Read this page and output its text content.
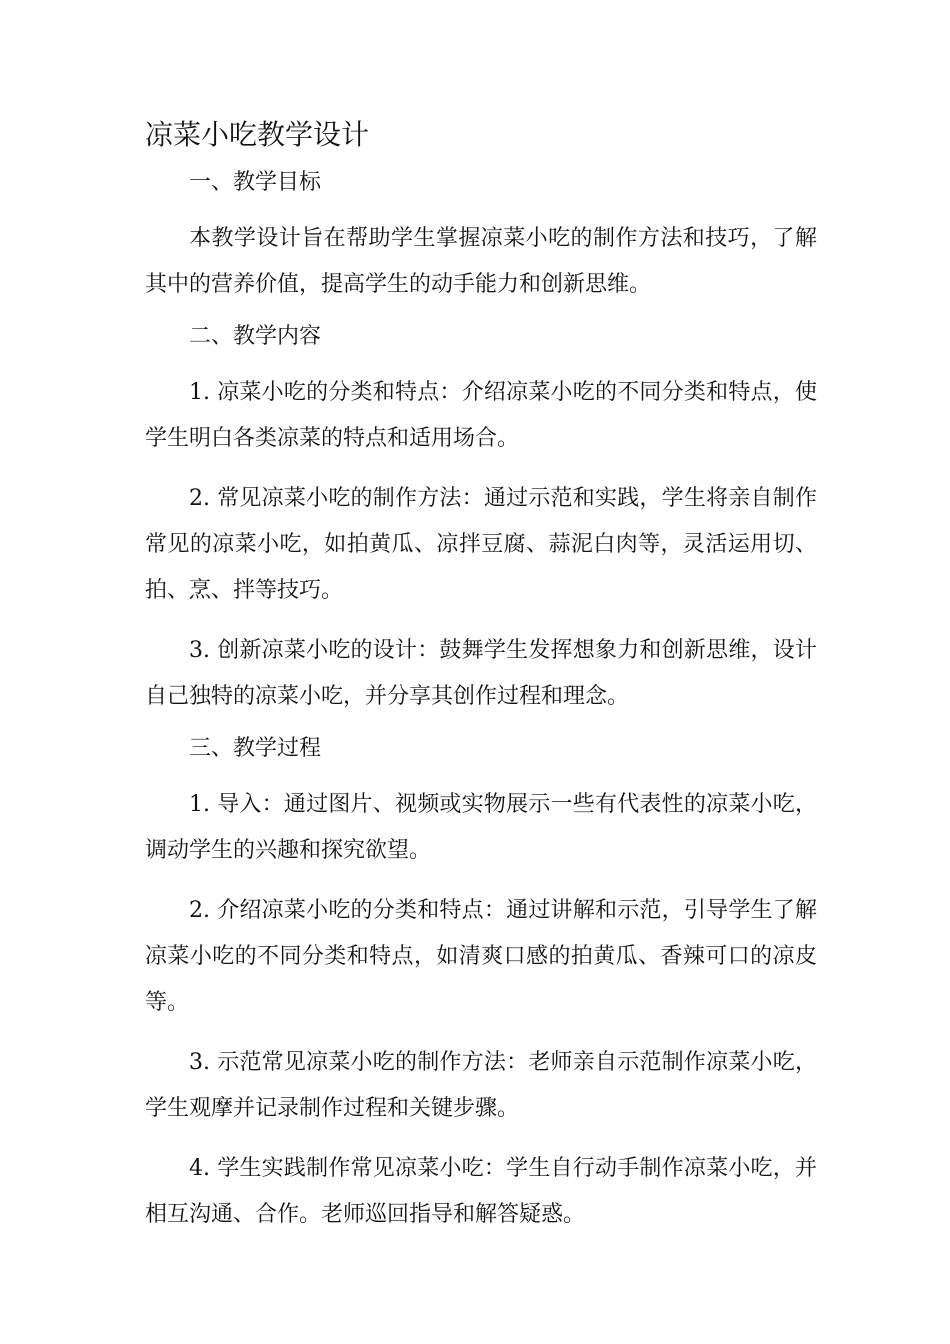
凉菜小吃教学设计
一、教学目标

本教学设计旨在帮助学生掌握凉菜小吃的制作方法和技巧，了解其中的营养价值，提高学生的动手能力和创新思维。

二、教学内容

1. 凉菜小吃的分类和特点：介绍凉菜小吃的不同分类和特点，使学生明白各类凉菜的特点和适用场合。

2. 常见凉菜小吃的制作方法：通过示范和实践，学生将亲自制作常见的凉菜小吃，如拍黄瓜、凉拌豆腐、蒜泥白肉等，灵活运用切、拍、烹、拌等技巧。

3. 创新凉菜小吃的设计：鼓舞学生发挥想象力和创新思维，设计自己独特的凉菜小吃，并分享其创作过程和理念。

三、教学过程

1. 导入：通过图片、视频或实物展示一些有代表性的凉菜小吃，调动学生的兴趣和探究欲望。

2. 介绍凉菜小吃的分类和特点：通过讲解和示范，引导学生了解凉菜小吃的不同分类和特点，如清爽口感的拍黄瓜、香辣可口的凉皮等。

3. 示范常见凉菜小吃的制作方法：老师亲自示范制作凉菜小吃，学生观摩并记录制作过程和关键步骤。

4. 学生实践制作常见凉菜小吃：学生自行动手制作凉菜小吃，并相互沟通、合作。老师巡回指导和解答疑惑。
